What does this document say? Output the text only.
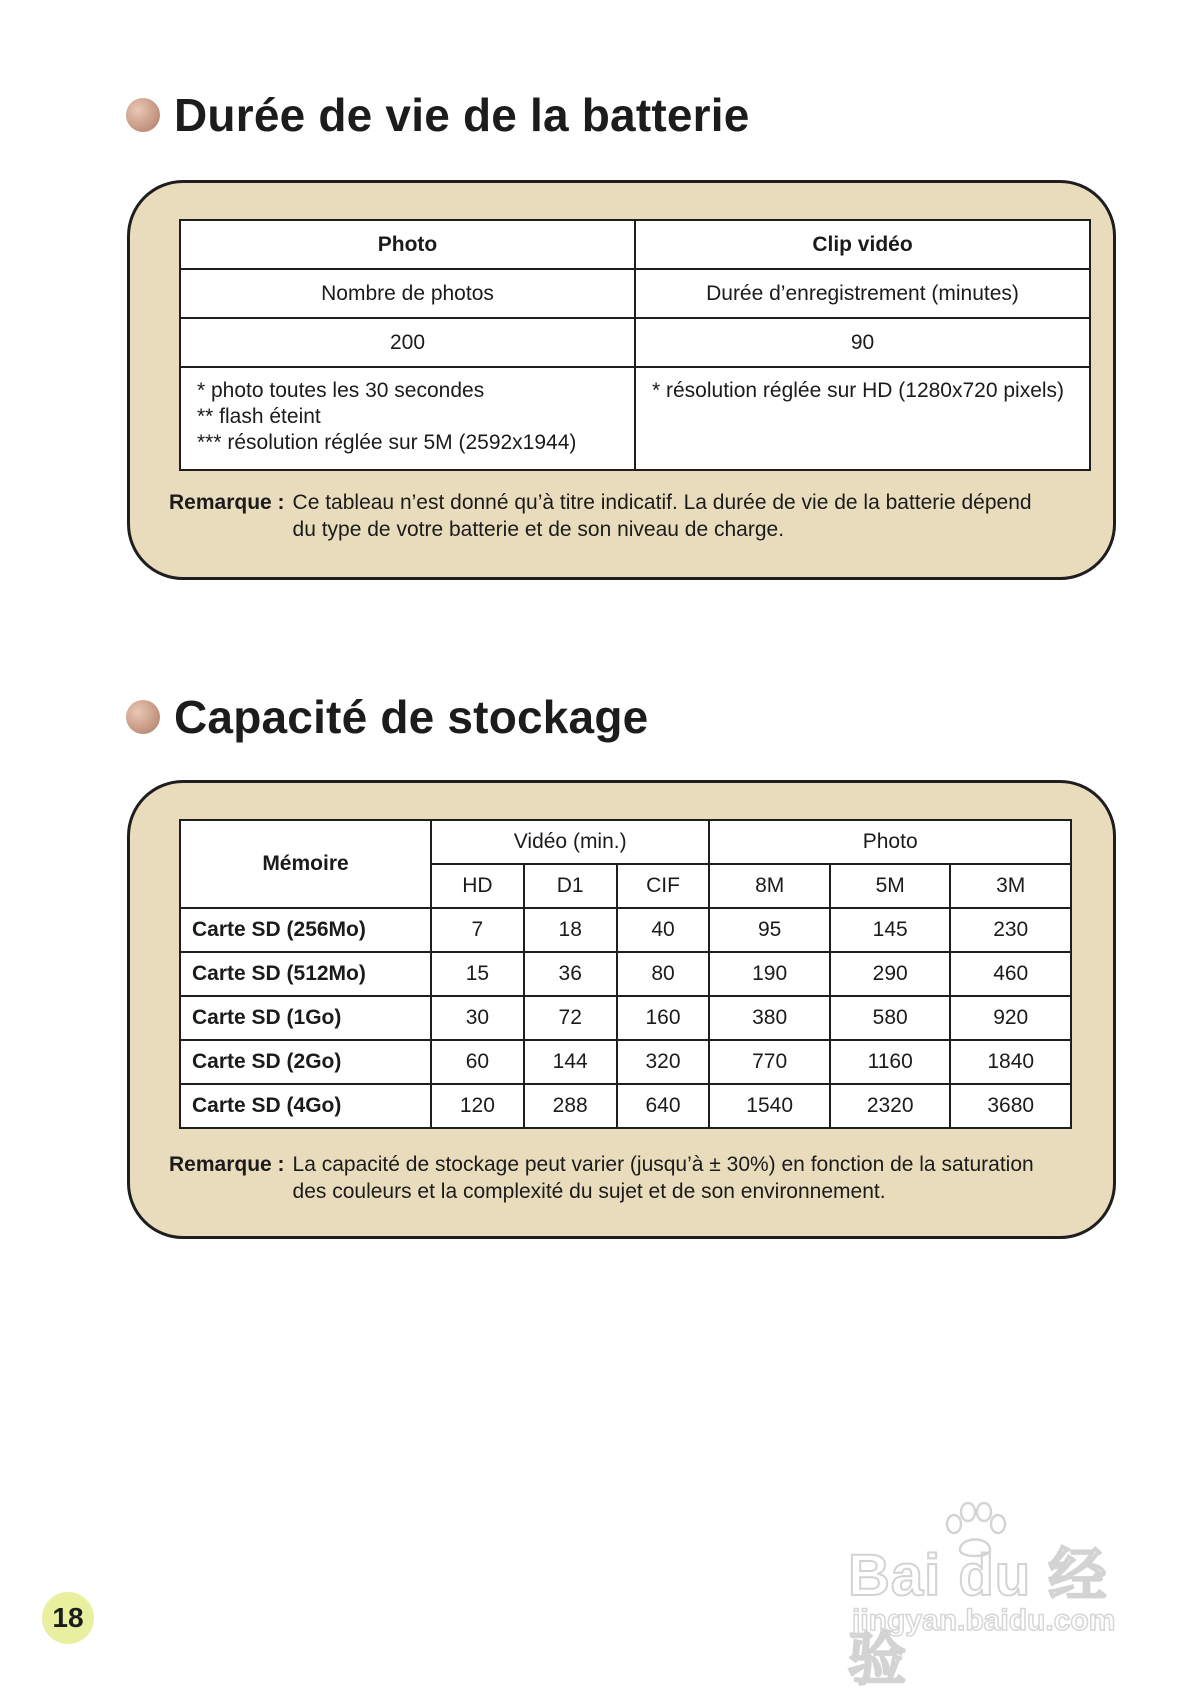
Durée de vie de la batterie
Photo	Clip vidéo
Nombre de photos	Durée d’enregistrement (minutes)
200	90

* photo toutes les 30 secondes
** flash éteint
*** résolution réglée sur 5M (2592x1944)	* résolution réglée sur HD (1280x720 pixels)
Remarque : Ce tableau n’est donné qu’à titre indicatif. La durée de vie de la batterie dépend du type de votre batterie et de son niveau de charge.
Capacité de stockage
Mémoire	Vidéo (min.)			Photo		
	HD	D1	CIF	8M	5M	3M
Carte SD (256Mo)	7	18	40	95	145	230
Carte SD (512Mo)	15	36	80	190	290	460
Carte SD (1Go)	30	72	160	380	580	920
Carte SD (2Go)	60	144	320	770	1160	1840
Carte SD (4Go)	120	288	640	1540	2320	3680
Remarque : La capacité de stockage peut varier (jusqu’à ± 30%) en fonction de la saturation des couleurs et la complexité du sujet et de son environnement.
18
Bai du 经验
jingyan.baidu.com
